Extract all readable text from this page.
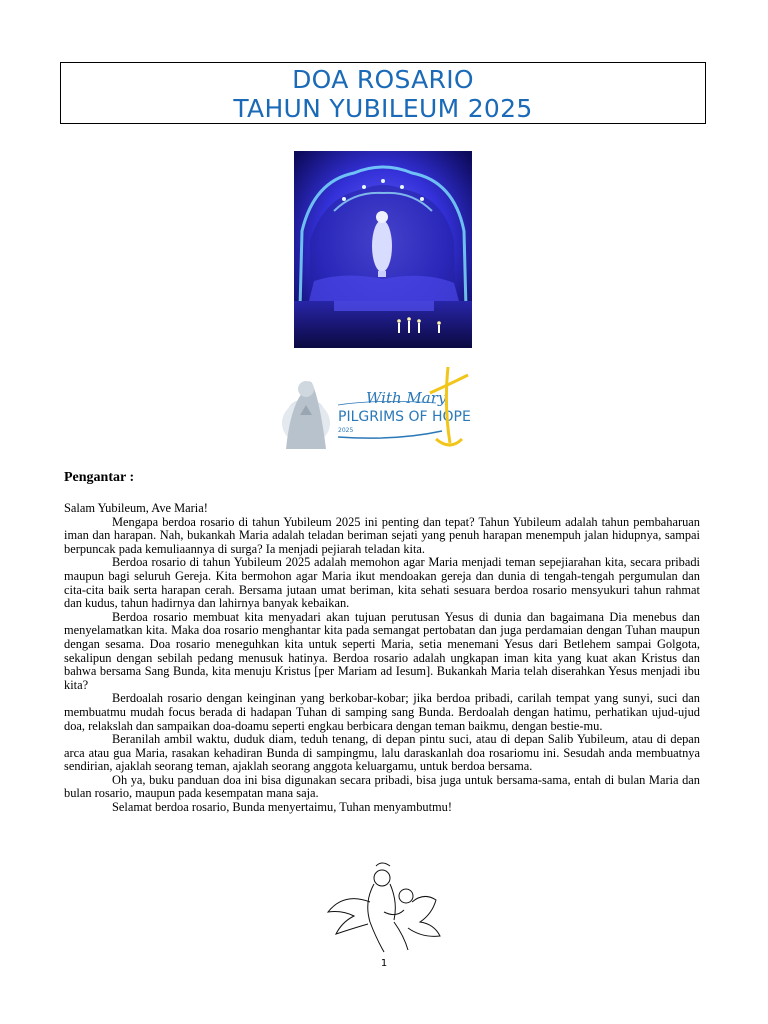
DOA ROSARIO
TAHUN YUBILEUM 2025
With Mary,
PILGRIMS OF HOPE
2025
Pengantar :

Salam Yubileum, Ave Maria!

Mengapa berdoa rosario di tahun Yubileum 2025 ini penting dan tepat? Tahun Yubileum adalah tahun pembaharuan iman dan harapan. Nah, bukankah Maria adalah teladan beriman sejati yang penuh harapan menempuh jalan hidupnya, sampai berpuncak pada kemuliaannya di surga? Ia menjadi pejiarah teladan kita.

Berdoa rosario di tahun Yubileum 2025 adalah memohon agar Maria menjadi teman sepejiarahan kita, secara pribadi maupun bagi seluruh Gereja. Kita bermohon agar Maria ikut mendoakan gereja dan dunia di tengah-tengah pergumulan dan cita-cita baik serta harapan cerah. Bersama jutaan umat beriman, kita sehati sesuara berdoa rosario mensyukuri tahun rahmat dan kudus, tahun hadirnya dan lahirnya banyak kebaikan.

Berdoa rosario membuat kita menyadari akan tujuan perutusan Yesus di dunia dan bagaimana Dia menebus dan menyelamatkan kita. Maka doa rosario menghantar kita pada semangat pertobatan dan juga perdamaian dengan Tuhan maupun dengan sesama. Doa rosario meneguhkan kita untuk seperti Maria, setia menemani Yesus dari Betlehem sampai Golgota, sekalipun dengan sebilah pedang menusuk hatinya. Berdoa rosario adalah ungkapan iman kita yang kuat akan Kristus dan bahwa bersama Sang Bunda, kita menuju Kristus [per Mariam ad Iesum]. Bukankah Maria telah diserahkan Yesus menjadi ibu kita?

Berdoalah rosario dengan keinginan yang berkobar-kobar; jika berdoa pribadi, carilah tempat yang sunyi, suci dan membuatmu mudah focus berada di hadapan Tuhan di samping sang Bunda. Berdoalah dengan hatimu, perhatikan ujud-ujud doa, relakslah dan sampaikan doa-doamu seperti engkau berbicara dengan teman baikmu, dengan bestie-mu.

Beranilah ambil waktu, duduk diam, teduh tenang, di depan pintu suci, atau di depan Salib Yubileum, atau di depan arca atau gua Maria, rasakan kehadiran Bunda di sampingmu, lalu daraskanlah doa rosariomu ini. Sesudah anda membuatnya sendirian, ajaklah seorang teman, ajaklah seorang anggota keluargamu, untuk berdoa bersama.

Oh ya, buku panduan doa ini bisa digunakan secara pribadi, bisa juga untuk bersama-sama, entah di bulan Maria dan bulan rosario, maupun pada kesempatan mana saja.

Selamat berdoa rosario, Bunda menyertaimu, Tuhan menyambutmu!

1
